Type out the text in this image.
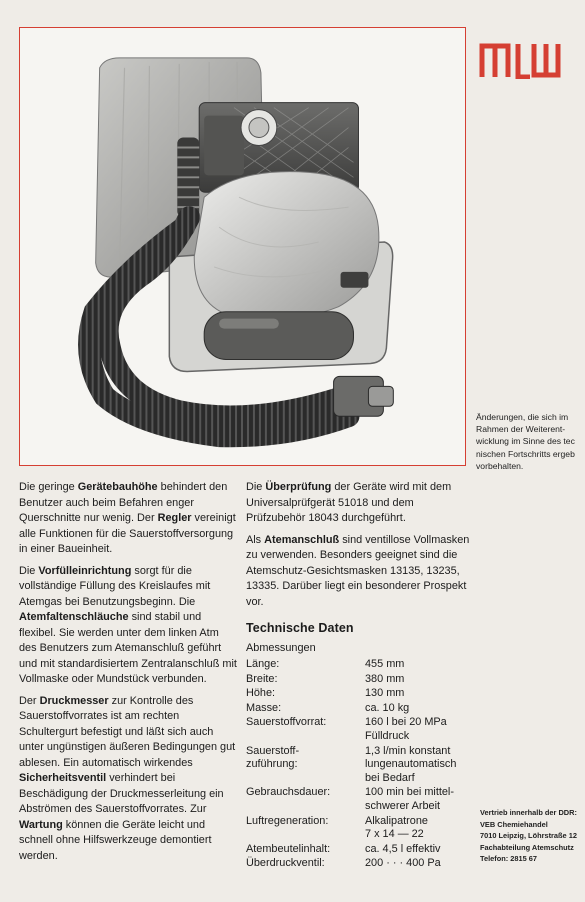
Änderungen, die sich im
Rahmen der Weiterent-
wicklung im Sinne des tec
nischen Fortschritts ergeb
vorbehalten.

Die geringe Gerätebauhöhe behindert den Benutzer auch beim Befahren enger Querschnitte nur wenig. Der Regler vereinigt alle Funktionen für die Sauerstoffversorgung in einer Baueinheit.

Die Vorfülleinrichtung sorgt für die vollständige Füllung des Kreislaufes mit Atemgas bei Benutzungsbeginn. Die Atemfaltenschläuche sind stabil und flexibel. Sie werden unter dem linken Atm des Benutzers zum Atemanschluß geführt und mit standardisiertem Zentralanschluß mit Vollmaske oder Mundstück verbunden.

Der Druckmesser zur Kontrolle des Sauerstoffvorrates ist am rechten Schultergurt befestigt und läßt sich auch unter ungünstigen äußeren Bedingungen gut ablesen. Ein automatisch wirkendes Sicherheitsventil verhindert bei Beschädigung der Druckmesserleitung ein Abströmen des Sauerstoffvorrates. Zur Wartung können die Geräte leicht und schnell ohne Hilfswerkzeuge demontiert werden.

Die Überprüfung der Geräte wird mit dem Universalprüfgerät 51018 und dem Prüfzubehör 18043 durchgeführt.

Als Atemanschluß sind ventillose Vollmasken zu verwenden. Besonders geeignet sind die Atemschutz-Gesichtsmasken 13135, 13235, 13335. Darüber liegt ein besonderer Prospekt vor.

Technische Daten
Abmessungen
Länge:	455 mm
Breite:	380 mm
Höhe:	130 mm
Masse:	ca. 10 kg
Sauerstoffvorrat:	160 l bei 20 MPa
Fülldruck
Sauerstoff-
zuführung:	1,3 l/min konstant
lungenautomatisch
bei Bedarf
Gebrauchsdauer:	100 min bei mittel-
schwerer Arbeit
Luftregeneration:	Alkalipatrone
7 x 14 — 22
Atembeutelinhalt:	ca. 4,5 l effektiv
Überdruckventil:	200 · · · 400 Pa
Vertrieb innerhalb der DDR:
VEB Chemiehandel
7010 Leipzig, Löhrstraße 12
Fachabteilung Atemschutz
Telefon: 2815 67
